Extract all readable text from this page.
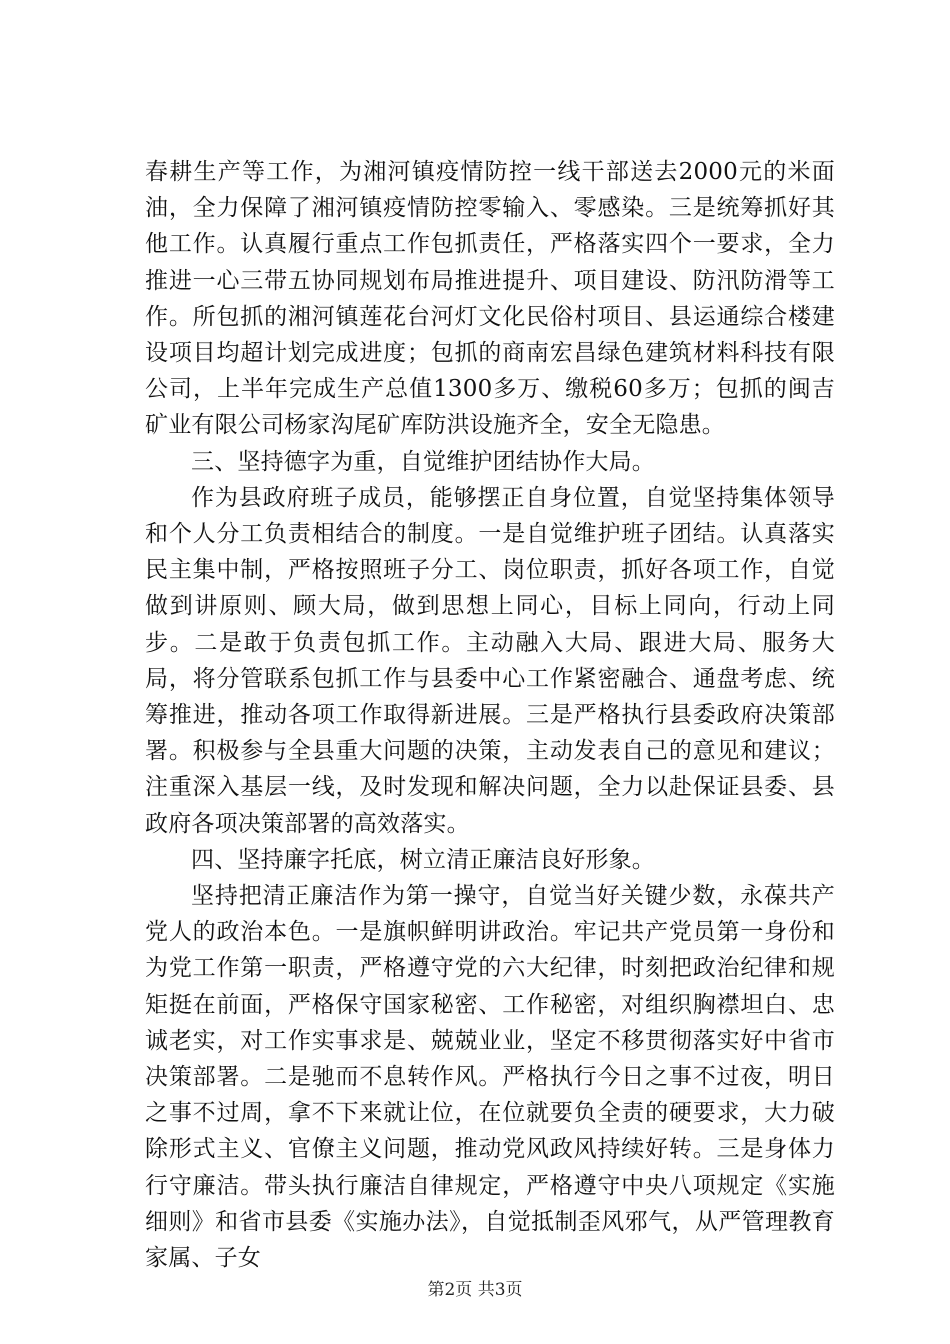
春耕生产等工作，为湘河镇疫情防控一线干部送去2000元的米面油，全力保障了湘河镇疫情防控零输入、零感染。三是统筹抓好其他工作。认真履行重点工作包抓责任，严格落实四个一要求，全力推进一心三带五协同规划布局推进提升、项目建设、防汛防滑等工作。所包抓的湘河镇莲花台河灯文化民俗村项目、县运通综合楼建设项目均超计划完成进度；包抓的商南宏昌绿色建筑材料科技有限公司，上半年完成生产总值1300多万、缴税60多万；包抓的闽吉矿业有限公司杨家沟尾矿库防洪设施齐全，安全无隐患。

三、坚持德字为重，自觉维护团结协作大局。

作为县政府班子成员，能够摆正自身位置，自觉坚持集体领导和个人分工负责相结合的制度。一是自觉维护班子团结。认真落实民主集中制，严格按照班子分工、岗位职责，抓好各项工作，自觉做到讲原则、顾大局，做到思想上同心，目标上同向，行动上同步。二是敢于负责包抓工作。主动融入大局、跟进大局、服务大局，将分管联系包抓工作与县委中心工作紧密融合、通盘考虑、统筹推进，推动各项工作取得新进展。三是严格执行县委政府决策部署。积极参与全县重大问题的决策，主动发表自己的意见和建议；注重深入基层一线，及时发现和解决问题，全力以赴保证县委、县政府各项决策部署的高效落实。

四、坚持廉字托底，树立清正廉洁良好形象。

坚持把清正廉洁作为第一操守，自觉当好关键少数，永葆共产党人的政治本色。一是旗帜鲜明讲政治。牢记共产党员第一身份和为党工作第一职责，严格遵守党的六大纪律，时刻把政治纪律和规矩挺在前面，严格保守国家秘密、工作秘密，对组织胸襟坦白、忠诚老实，对工作实事求是、兢兢业业，坚定不移贯彻落实好中省市决策部署。二是驰而不息转作风。严格执行今日之事不过夜，明日之事不过周，拿不下来就让位，在位就要负全责的硬要求，大力破除形式主义、官僚主义问题，推动党风政风持续好转。三是身体力行守廉洁。带头执行廉洁自律规定，严格遵守中央八项规定《实施细则》和省市县委《实施办法》，自觉抵制歪风邪气，从严管理教育家属、子女

第2页 共3页
